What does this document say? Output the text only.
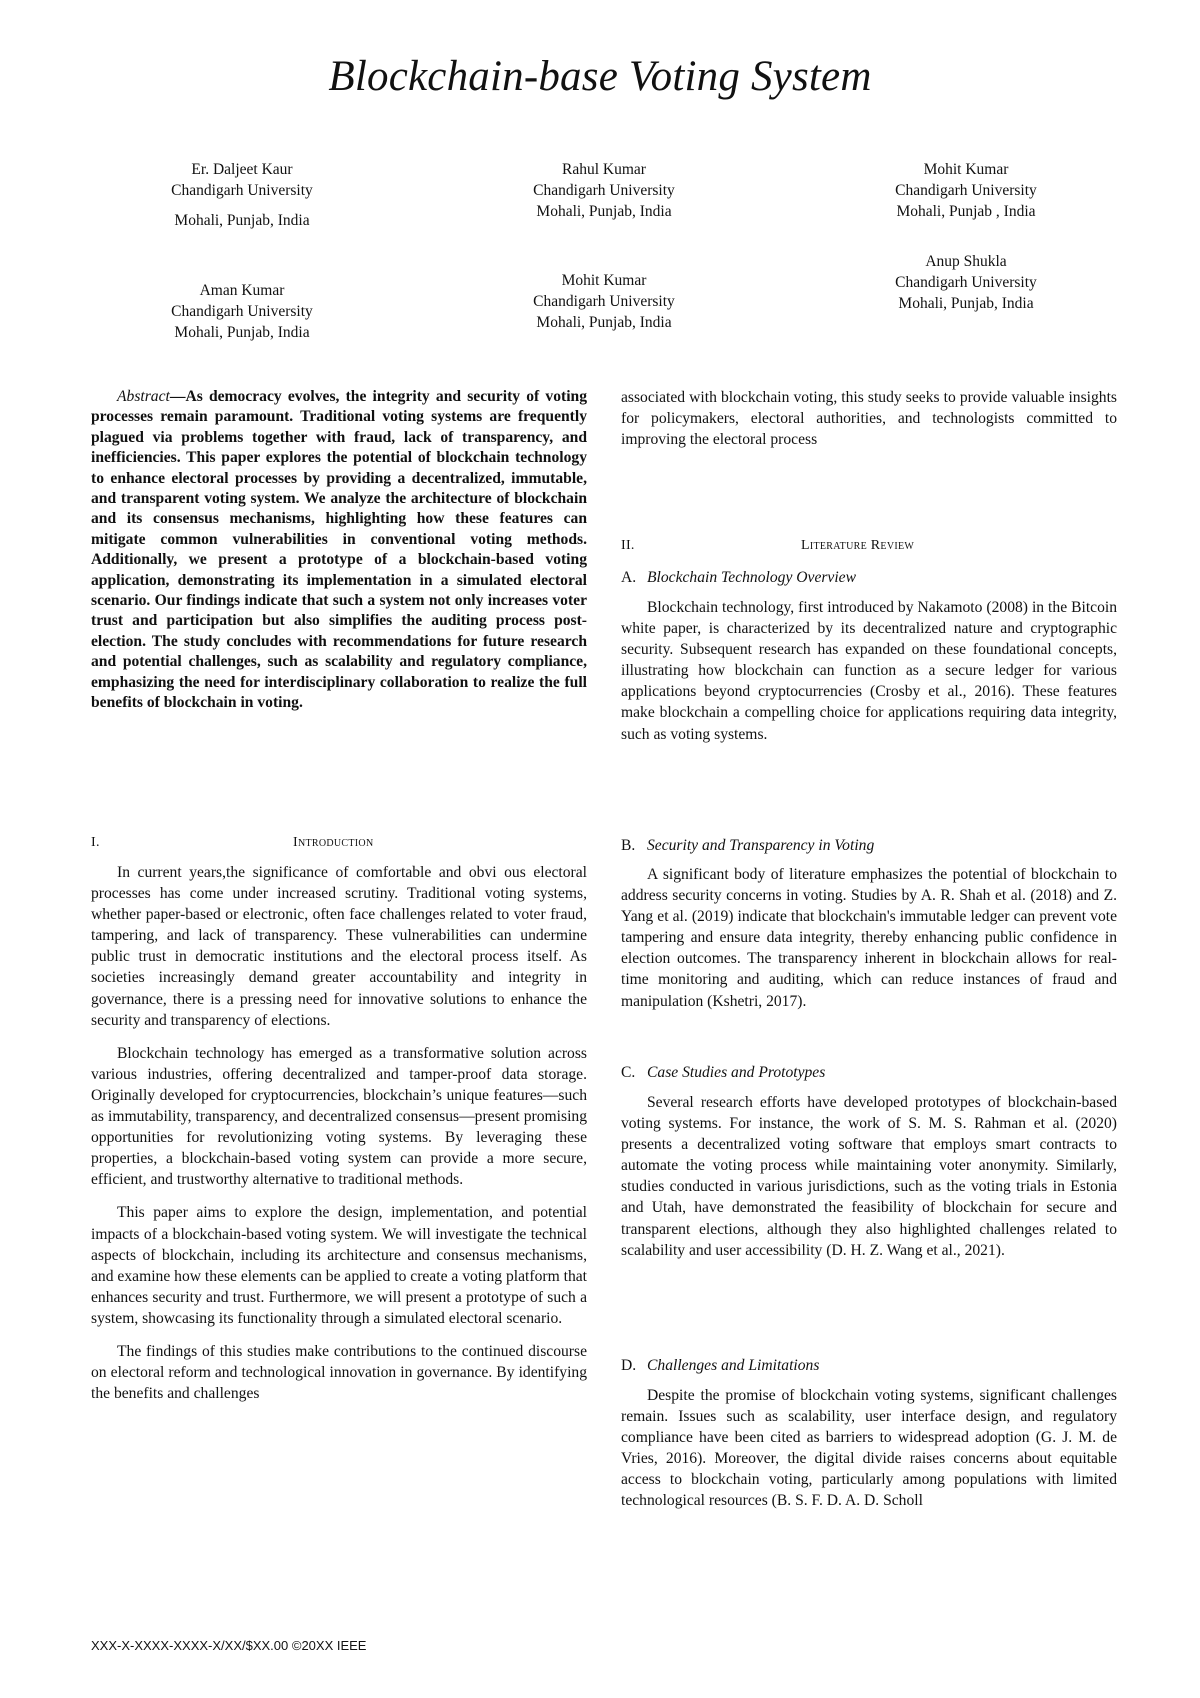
Blockchain-base Voting System
Er. Daljeet Kaur
Chandigarh University
Mohali, Punjab, India
Rahul Kumar
Chandigarh University
Mohali, Punjab, India
Mohit Kumar
Chandigarh University
Mohali, Punjab , India
Aman Kumar
Chandigarh University
Mohali, Punjab, India
Mohit Kumar
Chandigarh University
Mohali, Punjab, India
Anup Shukla
Chandigarh University
Mohali, Punjab, India

Abstract—As democracy evolves, the integrity and security of voting processes remain paramount. Traditional voting systems are frequently plagued via problems together with fraud, lack of transparency, and inefficiencies. This paper explores the potential of blockchain technology to enhance electoral processes by providing a decentralized, immutable, and transparent voting system. We analyze the architecture of blockchain and its consensus mechanisms, highlighting how these features can mitigate common vulnerabilities in conventional voting methods. Additionally, we present a prototype of a blockchain-based voting application, demonstrating its implementation in a simulated electoral scenario. Our findings indicate that such a system not only increases voter trust and participation but also simplifies the auditing process post-election. The study concludes with recommendations for future research and potential challenges, such as scalability and regulatory compliance, emphasizing the need for interdisciplinary collaboration to realize the full benefits of blockchain in voting.

I.	Introduction

In current years,the significance of comfortable and obvi ous electoral processes has come under increased scrutiny. Traditional voting systems, whether paper-based or electronic, often face challenges related to voter fraud, tampering, and lack of transparency. These vulnerabilities can undermine public trust in democratic institutions and the electoral process itself. As societies increasingly demand greater accountability and integrity in governance, there is a pressing need for innovative solutions to enhance the security and transparency of elections.

Blockchain technology has emerged as a transformative solution across various industries, offering decentralized and tamper-proof data storage. Originally developed for cryptocurrencies, blockchain’s unique features—such as immutability, transparency, and decentralized consensus—present promising opportunities for revolutionizing voting systems. By leveraging these properties, a blockchain-based voting system can provide a more secure, efficient, and trustworthy alternative to traditional methods.

This paper aims to explore the design, implementation, and potential impacts of a blockchain-based voting system. We will investigate the technical aspects of blockchain, including its architecture and consensus mechanisms, and examine how these elements can be applied to create a voting platform that enhances security and trust. Furthermore, we will present a prototype of such a system, showcasing its functionality through a simulated electoral scenario.

The findings of this studies make contributions to the continued discourse on electoral reform and technological innovation in governance. By identifying the benefits and challenges

associated with blockchain voting, this study seeks to provide valuable insights for policymakers, electoral authorities, and technologists committed to improving the electoral process

II.	Literature Review
A. Blockchain Technology Overview

Blockchain technology, first introduced by Nakamoto (2008) in the Bitcoin white paper, is characterized by its decentralized nature and cryptographic security. Subsequent research has expanded on these foundational concepts, illustrating how blockchain can function as a secure ledger for various applications beyond cryptocurrencies (Crosby et al., 2016). These features make blockchain a compelling choice for applications requiring data integrity, such as voting systems.

B. Security and Transparency in Voting

A significant body of literature emphasizes the potential of blockchain to address security concerns in voting. Studies by A. R. Shah et al. (2018) and Z. Yang et al. (2019) indicate that blockchain's immutable ledger can prevent vote tampering and ensure data integrity, thereby enhancing public confidence in election outcomes. The transparency inherent in blockchain allows for real-time monitoring and auditing, which can reduce instances of fraud and manipulation (Kshetri, 2017).

C. Case Studies and Prototypes

Several research efforts have developed prototypes of blockchain-based voting systems. For instance, the work of S. M. S. Rahman et al. (2020) presents a decentralized voting software that employs smart contracts to automate the voting process while maintaining voter anonymity. Similarly, studies conducted in various jurisdictions, such as the voting trials in Estonia and Utah, have demonstrated the feasibility of blockchain for secure and transparent elections, although they also highlighted challenges related to scalability and user accessibility (D. H. Z. Wang et al., 2021).

D. Challenges and Limitations

Despite the promise of blockchain voting systems, significant challenges remain. Issues such as scalability, user interface design, and regulatory compliance have been cited as barriers to widespread adoption (G. J. M. de Vries, 2016). Moreover, the digital divide raises concerns about equitable access to blockchain voting, particularly among populations with limited technological resources (B. S. F. D. A. D. Scholl

XXX-X-XXXX-XXXX-X/XX/$XX.00 ©20XX IEEE
